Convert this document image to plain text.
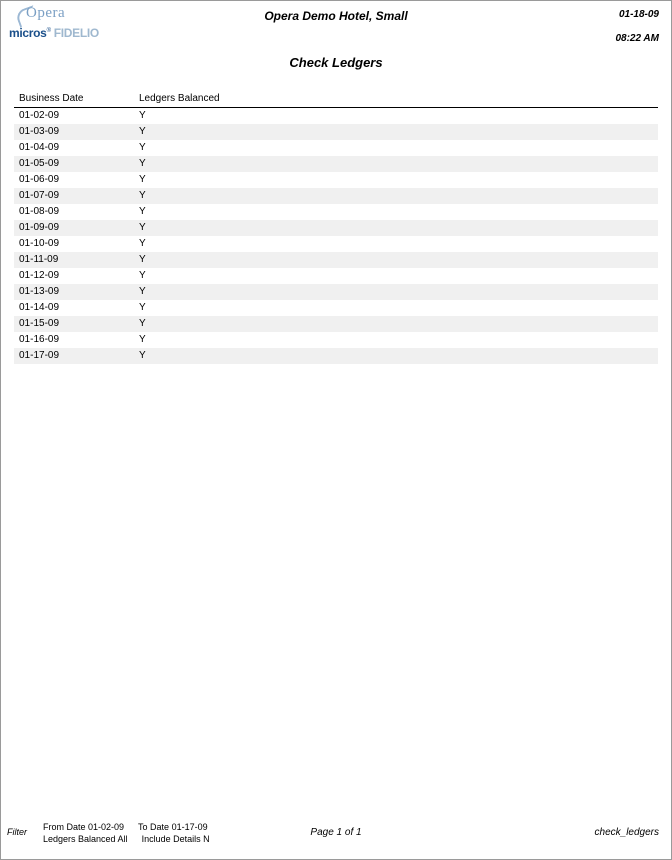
Opera
micros® FIDELIO
Opera Demo Hotel, Small	01-18-09
08:22 AM
Check Ledgers
Business Date	Ledgers Balanced
01-02-09	Y
01-03-09	Y
01-04-09	Y
01-05-09	Y
01-06-09	Y
01-07-09	Y
01-08-09	Y
01-09-09	Y
01-10-09	Y
01-11-09	Y
01-12-09	Y
01-13-09	Y
01-14-09	Y
01-15-09	Y
01-16-09	Y
01-17-09	Y
Filter From Date 01-02-09 To Date 01-17-09
Ledgers Balanced All Include Details N
Page 1 of 1	check_ledgers
